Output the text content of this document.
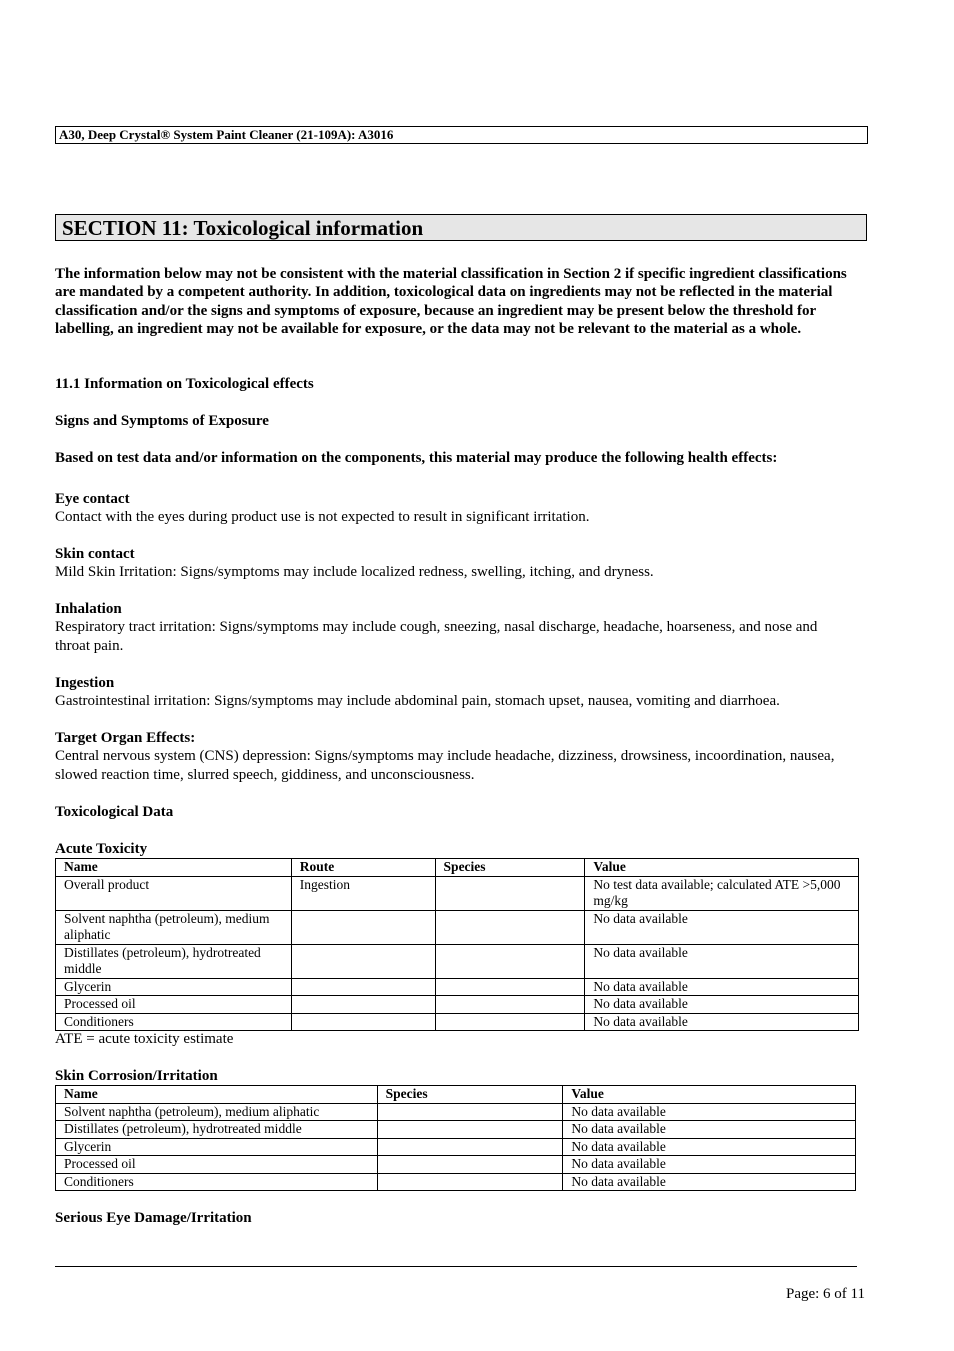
A30, Deep Crystal® System Paint Cleaner (21-109A): A3016
SECTION 11: Toxicological information
The information below may not be consistent with the material classification in Section 2 if specific ingredient classifications are mandated by a competent authority. In addition, toxicological data on ingredients may not be reflected in the material classification and/or the signs and symptoms of exposure, because an ingredient may be present below the threshold for labelling, an ingredient may not be available for exposure, or the data may not be relevant to the material as a whole.
11.1 Information on Toxicological effects
Signs and Symptoms of Exposure
Based on test data and/or information on the components, this material may produce the following health effects:
Eye contact
Contact with the eyes during product use is not expected to result in significant irritation.
Skin contact
Mild Skin Irritation: Signs/symptoms may include localized redness, swelling, itching, and dryness.
Inhalation
Respiratory tract irritation: Signs/symptoms may include cough, sneezing, nasal discharge, headache, hoarseness, and nose and throat pain.
Ingestion
Gastrointestinal irritation: Signs/symptoms may include abdominal pain, stomach upset, nausea, vomiting and diarrhoea.
Target Organ Effects:
Central nervous system (CNS) depression: Signs/symptoms may include headache, dizziness, drowsiness, incoordination, nausea, slowed reaction time, slurred speech, giddiness, and unconsciousness.
Toxicological Data
Acute Toxicity
Name	Route	Species	Value
Overall product	Ingestion		No test data available; calculated ATE >5,000 mg/kg
Solvent naphtha (petroleum), medium aliphatic			No data available
Distillates (petroleum), hydrotreated middle			No data available
Glycerin			No data available
Processed oil			No data available
Conditioners			No data available
ATE = acute toxicity estimate
Skin Corrosion/Irritation
Name	Species	Value
Solvent naphtha (petroleum), medium aliphatic		No data available
Distillates (petroleum), hydrotreated middle		No data available
Glycerin		No data available
Processed oil		No data available
Conditioners		No data available
Serious Eye Damage/Irritation
Page: 6 of 11
